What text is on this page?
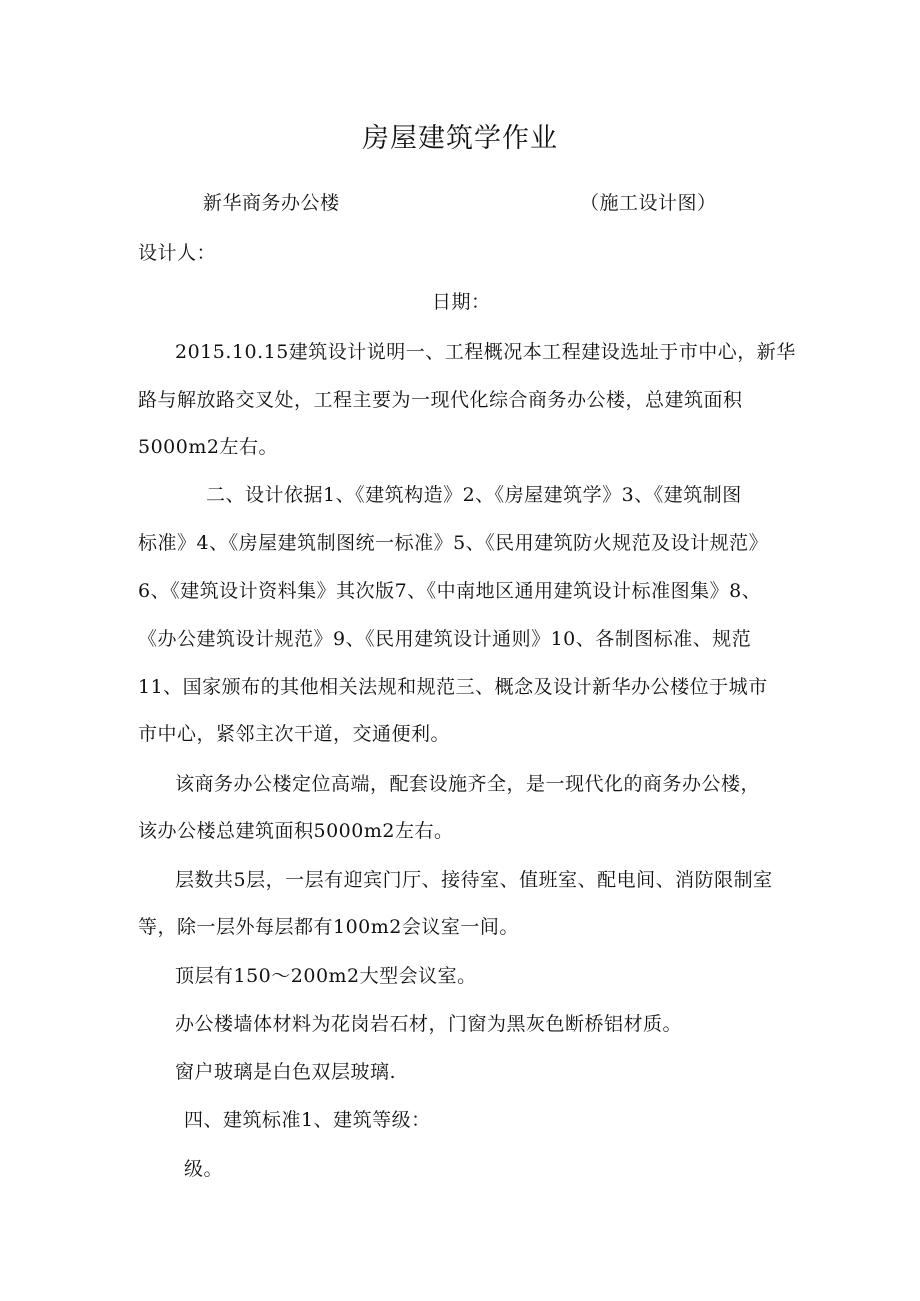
房屋建筑学作业
新华商务办公楼	（施工设计图）
设计人：
日期：
2015.10.15建筑设计说明一、工程概况本工程建设选址于市中心，新华
路与解放路交叉处，工程主要为一现代化综合商务办公楼，总建筑面积
5000m2左右。
二、设计依据1、《建筑构造》2、《房屋建筑学》3、《建筑制图
标准》4、《房屋建筑制图统一标准》5、《民用建筑防火规范及设计规范》
6、《建筑设计资料集》其次版7、《中南地区通用建筑设计标准图集》8、
《办公建筑设计规范》9、《民用建筑设计通则》10、各制图标准、规范
11、国家颁布的其他相关法规和规范三、概念及设计新华办公楼位于城市
市中心，紧邻主次干道，交通便利。
该商务办公楼定位高端，配套设施齐全，是一现代化的商务办公楼，
该办公楼总建筑面积5000m2左右。
层数共5层，一层有迎宾门厅、接待室、值班室、配电间、消防限制室
等，除一层外每层都有100m2会议室一间。
顶层有150～200m2大型会议室。
办公楼墙体材料为花岗岩石材，门窗为黑灰色断桥铝材质。
窗户玻璃是白色双层玻璃.
四、建筑标准1、建筑等级：
级。
